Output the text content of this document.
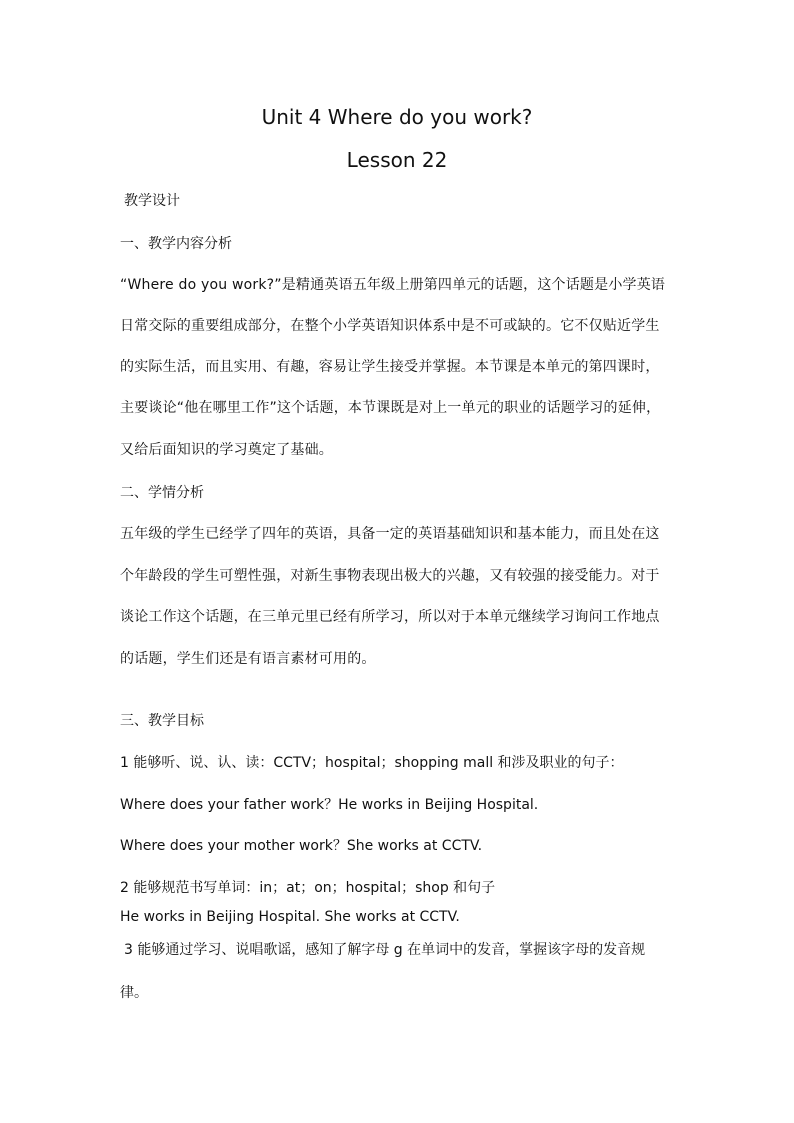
Unit 4 Where do you work?
Lesson 22
教学设计
一、教学内容分析
“Where do you work?”是精通英语五年级上册第四单元的话题，这个话题是小学英语
日常交际的重要组成部分，在整个小学英语知识体系中是不可或缺的。它不仅贴近学生
的实际生活，而且实用、有趣，容易让学生接受并掌握。本节课是本单元的第四课时，
主要谈论“他在哪里工作”这个话题，本节课既是对上一单元的职业的话题学习的延伸，
又给后面知识的学习奠定了基础。
二、学情分析
五年级的学生已经学了四年的英语，具备一定的英语基础知识和基本能力，而且处在这
个年龄段的学生可塑性强，对新生事物表现出极大的兴趣，又有较强的接受能力。对于
谈论工作这个话题，在三单元里已经有所学习，所以对于本单元继续学习询问工作地点
的话题，学生们还是有语言素材可用的。
三、教学目标
1 能够听、说、认、读：CCTV；hospital；shopping mall 和涉及职业的句子：
Where does your father work？He works in Beijing Hospital.
Where does your mother work？She works at CCTV.
2 能够规范书写单词：in；at；on；hospital；shop 和句子
He works in Beijing Hospital. She works at CCTV.
3 能够通过学习、说唱歌谣，感知了解字母 g 在单词中的发音，掌握该字母的发音规
律。
